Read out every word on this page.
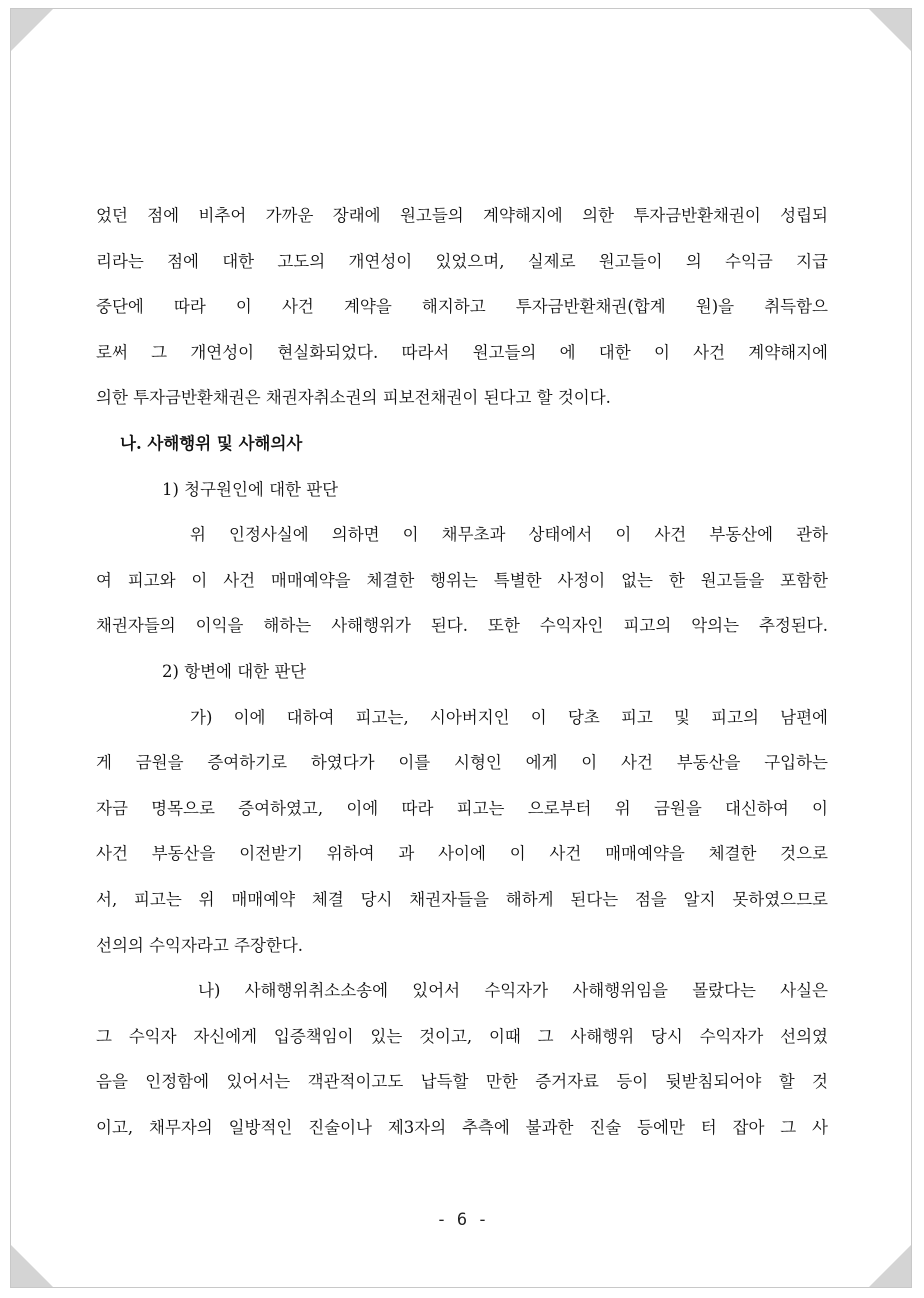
었던 점에 비추어 가까운 장래에 원고들의 계약해지에 의한 투자금반환채권이 성립되
리라는 점에 대한 고도의 개연성이 있었으며, 실제로 원고들이 의 수익금 지급
중단에 따라 이 사건 계약을 해지하고 투자금반환채권(합계 원)을 취득함으
로써 그 개연성이 현실화되었다. 따라서 원고들의 에 대한 이 사건 계약해지에
의한 투자금반환채권은 채권자취소권의 피보전채권이 된다고 할 것이다.
나. 사해행위 및 사해의사
1) 청구원인에 대한 판단
위 인정사실에 의하면 이 채무초과 상태에서 이 사건 부동산에 관하
여 피고와 이 사건 매매예약을 체결한 행위는 특별한 사정이 없는 한 원고들을 포함한
채권자들의 이익을 해하는 사해행위가 된다. 또한 수익자인 피고의 악의는 추정된다.
2) 항변에 대한 판단
가) 이에 대하여 피고는, 시아버지인 이 당초 피고 및 피고의 남편에
게 금원을 증여하기로 하였다가 이를 시형인 에게 이 사건 부동산을 구입하는
자금 명목으로 증여하였고, 이에 따라 피고는 으로부터 위 금원을 대신하여 이
사건 부동산을 이전받기 위하여 과 사이에 이 사건 매매예약을 체결한 것으로
서, 피고는 위 매매예약 체결 당시 채권자들을 해하게 된다는 점을 알지 못하였으므로
선의의 수익자라고 주장한다.
나) 사해행위취소소송에 있어서 수익자가 사해행위임을 몰랐다는 사실은
그 수익자 자신에게 입증책임이 있는 것이고, 이때 그 사해행위 당시 수익자가 선의였
음을 인정함에 있어서는 객관적이고도 납득할 만한 증거자료 등이 뒷받침되어야 할 것
이고, 채무자의 일방적인 진술이나 제3자의 추측에 불과한 진술 등에만 터 잡아 그 사
- 6 -
